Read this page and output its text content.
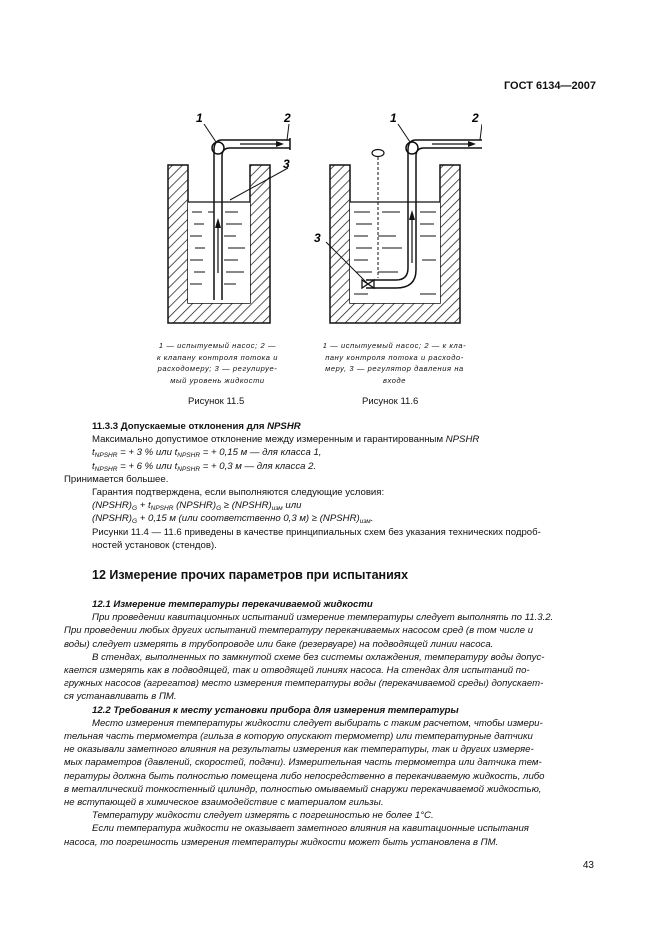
ГОСТ 6134—2007
1	2
3
1 — испытуемый насос; 2 —
к клапану контроля потока и
расходомеру; 3 — регулируе-
мый уровень жидкости
Рисунок 11.5
1	2
3
1 — испытуемый насос; 2 — к кла-
пану контроля потока и расходо-
меру, 3 — регулятор давления на
входе
Рисунок 11.6

11.3.3 Допускаемые отклонения для NPSHR

Максимально допустимое отклонение между измеренным и гарантированным NPSHR

$t_{NPSHR}$ = + 3 % или $t_{NPSHR}$ = + 0,15 м — для класса 1,

$t_{NPSHR}$ = + 6 % или $t_{NPSHR}$ = + 0,3 м — для класса 2.

Принимается большее.

Гарантия подтверждена, если выполняются следующие условия:

$(NPSHR)_G + t_{NPSHR}$ $(NPSHR)_G$ ≥ $(NPSHR)_{изм}$ или

$(NPSHR)_G + 0,15$ м (или соответственно 0,3 $м) \ge (NPSHR)_{изм}$.

Рисунки 11.4 — 11.6 приведены в качестве принципиальных схем без указания технических подроб-

ностей установок (стендов).

12 Измерение прочих параметров при испытаниях

12.1 Измерение температуры перекачиваемой жидкости

При проведении кавитационных испытаний измерение температуры следует выполнять по 11.3.2.

При проведении любых других испытаний температуру перекачиваемых насосом сред (в том числе и

воды) следует измерять в трубопроводе или баке (резервуаре) на подводящей линии насоса.

В стендах, выполненных по замкнутой схеме без системы охлаждения, температуру воды допус-

кается измерять как в подводящей, так и отводящей линиях насоса. На стендах для испытаний по-

гружных насосов (агрегатов) место измерения температуры воды (перекачиваемой среды) допускает-

ся устанавливать в ПМ.

12.2 Требования к месту установки прибора для измерения температуры

Место измерения температуры жидкости следует выбирать с таким расчетом, чтобы измери-

тельная часть термометра (гильза в которую опускают термометр) или температурные датчики

не оказывали заметного влияния на результаты измерения как температуры, так и других измеряе-

мых параметров (давлений, скоростей, подачи). Измерительная часть термометра или датчика тем-

пературы должна быть полностью помещена либо непосредственно в перекачиваемую жидкость, либо

в металлический тонкостенный цилиндр, полностью омываемый снаружи перекачиваемой жидкостью,

не вступающей в химическое взаимодействие с материалом гильзы.

Температуру жидкости следует измерять с погрешностью не более 1°С.

Если температура жидкости не оказывает заметного влияния на кавитационные испытания

насоса, то погрешность измерения температуры жидкости может быть установлена в ПМ.

43
